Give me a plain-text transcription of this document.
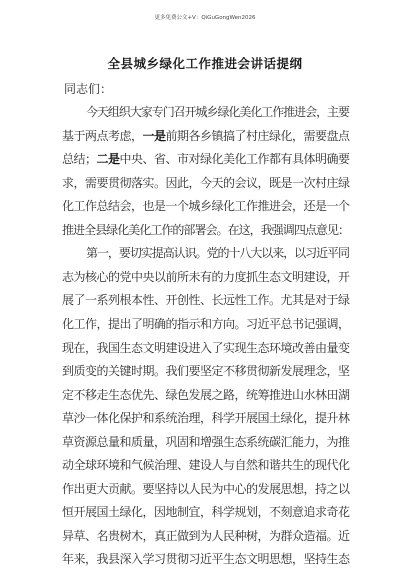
更多免费公文+V：QiGuGongWen2026
全县城乡绿化工作推进会讲话提纲
同志们：
今天组织大家专门召开城乡绿化美化工作推进会，主要
基于两点考虑，一是前期各乡镇搞了村庄绿化，需要盘点
总结；二是中央、省、市对绿化美化工作都有具体明确要
求，需要贯彻落实。因此，今天的会议，既是一次村庄绿
化工作总结会，也是一个城乡绿化工作推进会，还是一个
推进全县绿化美化工作的部署会。在这，我强调四点意见：
第一，要切实提高认识。党的十八大以来，以习近平同
志为核心的党中央以前所未有的力度抓生态文明建设，开
展了一系列根本性、开创性、长远性工作。尤其是对于绿
化工作，提出了明确的指示和方向。习近平总书记强调，
现在，我国生态文明建设进入了实现生态环境改善由量变
到质变的关键时期。我们要坚定不移贯彻新发展理念，坚
定不移走生态优先、绿色发展之路，统筹推进山水林田湖
草沙一体化保护和系统治理，科学开展国土绿化，提升林
草资源总量和质量，巩固和增强生态系统碳汇能力，为推
动全球环境和气候治理、建设人与自然和谐共生的现代化
作出更大贡献。要坚持以人民为中心的发展思想，持之以
恒开展国土绿化，因地制宜，科学规划，不刻意追求奇花
异草、名贵树木，真正做到为人民种树，为群众造福。近
年来，我县深入学习贯彻习近平生态文明思想，坚持生态
